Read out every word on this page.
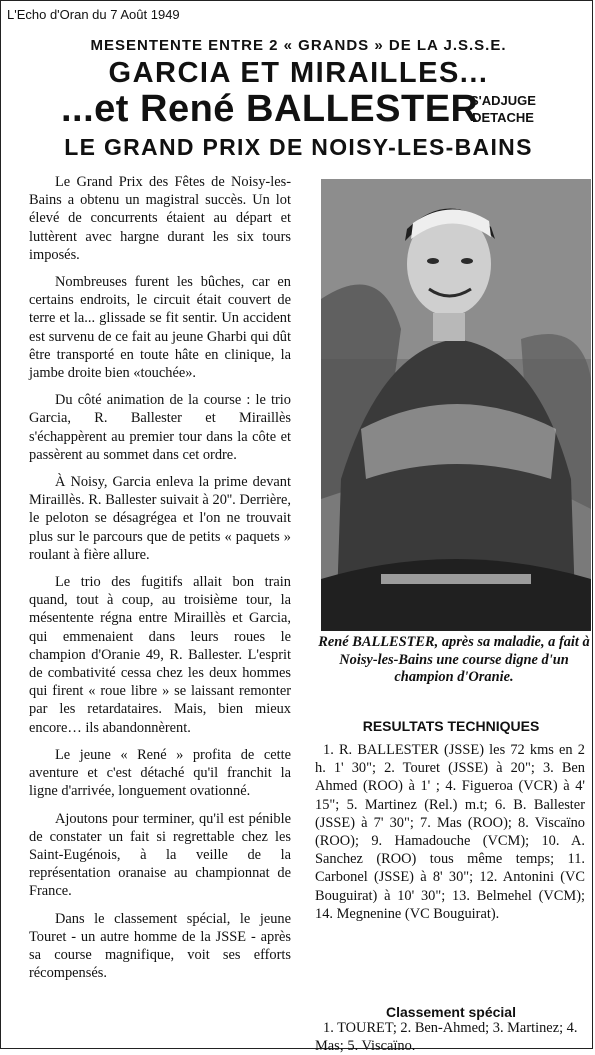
L'Echo d'Oran du 7 Août 1949
MESENTENTE ENTRE 2 « GRANDS » DE LA J.S.S.E.
GARCIA ET MIRAILLES...
...et René BALLESTER
S'ADJUGE
DETACHE
LE GRAND PRIX DE NOISY-LES-BAINS

Le Grand Prix des Fêtes de Noisy-les-Bains a obtenu un magistral succès. Un lot élevé de concurrents étaient au départ et luttèrent avec hargne durant les six tours imposés.

Nombreuses furent les bûches, car en certains endroits, le circuit était couvert de terre et la... glissade se fit sentir. Un accident est survenu de ce fait au jeune Gharbi qui dût être transporté en toute hâte en clinique, la jambe droite bien «touchée».

Du côté animation de la course : le trio Garcia, R. Ballester et Miraillès s'échappèrent au premier tour dans la côte et passèrent au sommet dans cet ordre.

À Noisy, Garcia enleva la prime devant Miraillès. R. Ballester suivait à 20''. Derrière, le peloton se désagrégea et l'on ne trouvait plus sur le parcours que de petits « paquets » roulant à fière allure.

Le trio des fugitifs allait bon train quand, tout à coup, au troisième tour, la mésentente régna entre Miraillès et Garcia, qui emmenaient dans leurs roues le champion d'Oranie 49, R. Ballester. L'esprit de combativité cessa chez les deux hommes qui firent « roue libre » se laissant remonter par les retardataires. Mais, bien mieux encore… ils abandonnèrent.

Le jeune « René » profita de cette aventure et c'est détaché qu'il franchit la ligne d'arrivée, longuement ovationné.

Ajoutons pour terminer, qu'il est pénible de constater un fait si regrettable chez les Saint-Eugénois, à la veille de la représentation oranaise au championnat de France.

Dans le classement spécial, le jeune Touret - un autre homme de la JSSE - après sa course magnifique, voit ses efforts récompensés.

René BALLESTER, après sa maladie, a fait à Noisy-les-Bains une course digne d'un champion d'Oranie.
RESULTATS TECHNIQUES

1. R. BALLESTER (JSSE) les 72 kms en 2 h. 1' 30"; 2. Touret (JSSE) à 20"; 3. Ben Ahmed (ROO) à 1' ; 4. Figueroa (VCR) à 4' 15"; 5. Martinez (Rel.) m.t; 6. B. Ballester (JSSE) à 7' 30"; 7. Mas (ROO); 8. Viscaïno (ROO); 9. Hamadouche (VCM); 10. A. Sanchez (ROO) tous même temps; 11. Carbonel (JSSE) à 8' 30"; 12. Antonini (VC Bouguirat) à 10' 30"; 13. Belmehel (VCM); 14. Megnenine (VC Bouguirat).

Classement spécial

1. TOURET; 2. Ben-Ahmed; 3. Martinez; 4. Mas; 5. Viscaïno.
